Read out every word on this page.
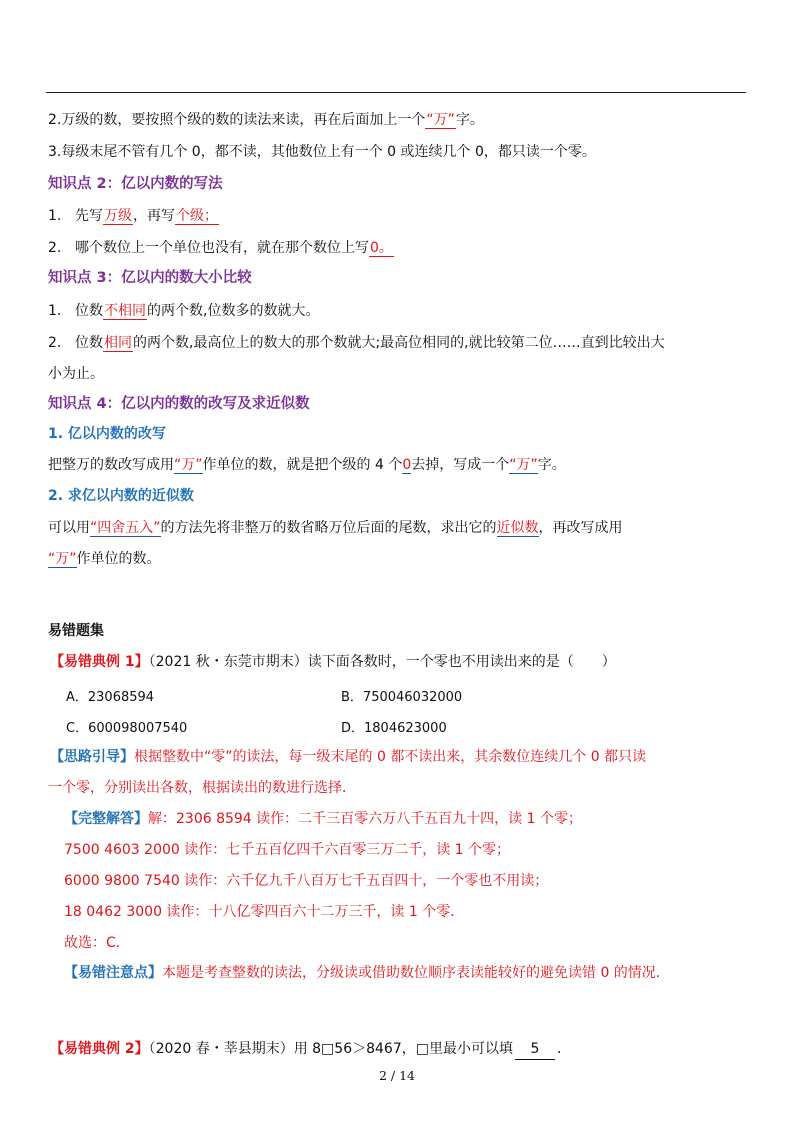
2.万级的数，要按照个级的数的读法来读，再在后面加上一个“万”字。
3.每级末尾不管有几个 0，都不读，其他数位上有一个 0 或连续几个 0，都只读一个零。
知识点 2：亿以内数的写法
1. 先写万级，再写个级；
2. 哪个数位上一个单位也没有，就在那个数位上写0。
知识点 3：亿以内的数大小比较
1. 位数不相同的两个数,位数多的数就大。
2. 位数相同的两个数,最高位上的数大的那个数就大;最高位相同的,就比较第二位……直到比较出大
小为止。
知识点 4：亿以内的数的改写及求近似数
1. 亿以内数的改写
把整万的数改写成用“万”作单位的数，就是把个级的 4 个0去掉，写成一个“万”字。
2. 求亿以内数的近似数
可以用“四舍五入”的方法先将非整万的数省略万位后面的尾数，求出它的近似数，再改写成用
“万”作单位的数。
易错题集
【易错典例 1】（2021 秋・东莞市期末）读下面各数时，一个零也不用读出来的是（　　）
A．23068594	B．750046032000
C．600098007540	D．1804623000
【思路引导】根据整数中“零”的读法，每一级末尾的 0 都不读出来，其余数位连续几个 0 都只读
一个零，分别读出各数，根据读出的数进行选择．
【完整解答】解：2306 8594 读作：二千三百零六万八千五百九十四，读 1 个零；
7500 4603 2000 读作：七千五百亿四千六百零三万二千，读 1 个零；
6000 9800 7540 读作：六千亿九千八百万七千五百四十，一个零也不用读；
18 0462 3000 读作：十八亿零四百六十二万三千，读 1 个零．
故选：C．
【易错注意点】本题是考查整数的读法，分级读或借助数位顺序表读能较好的避免读错 0 的情况．
【易错典例 2】（2020 春・莘县期末）用 8□56＞8467，□里最小可以填 5 ．
2 / 14
